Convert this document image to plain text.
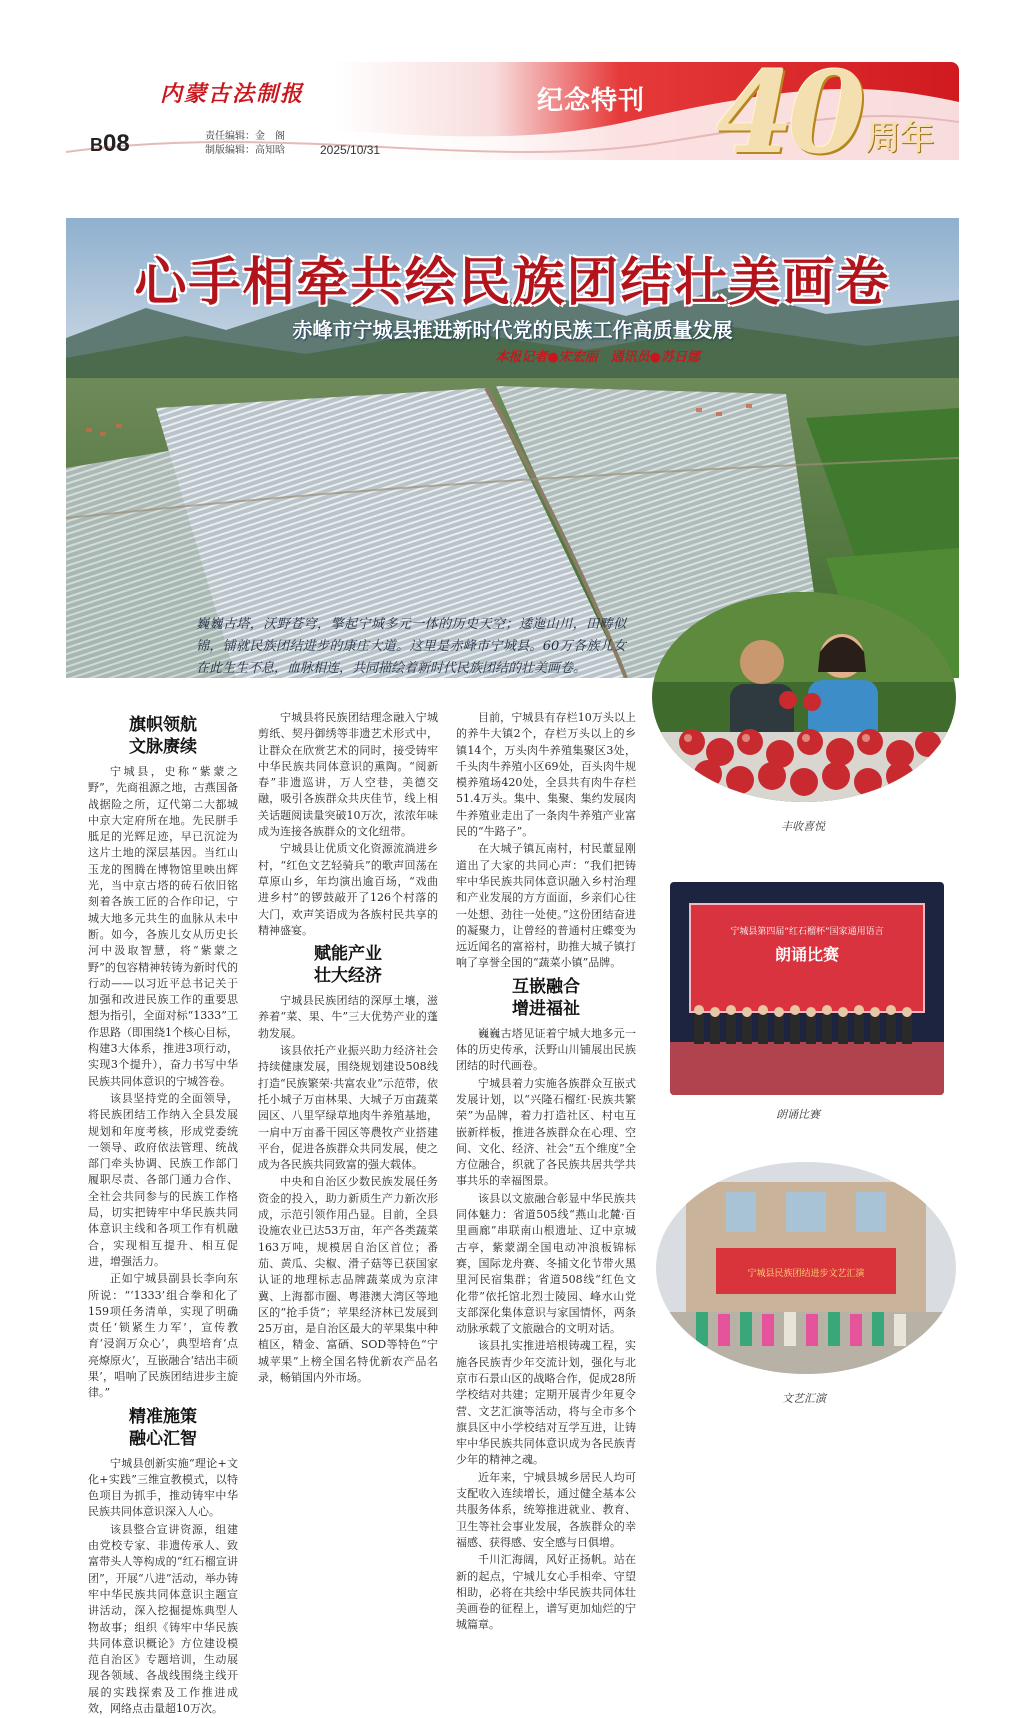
内蒙古法制报	纪念特刊 40 周年
B08	责任编辑：金　阁
制版编辑：高知晗	2025/10/31
心手相牵共绘民族团结壮美画卷
赤峰市宁城县推进新时代党的民族工作高质量发展
本报记者●宋宏丽　通讯员●苏日娜
巍巍古塔，沃野苍穹，擎起宁城多元一体的历史天空；逶迤山川，田畴似锦，铺就民族团结进步的康庄大道。这里是赤峰市宁城县。60万各族儿女在此生生不息，血脉相连，共同描绘着新时代民族团结的壮美画卷。
旗帜领航
文脉赓续

宁城县，史称“紫蒙之野”，先商祖源之地，古燕国备战据险之所，辽代第二大都城中京大定府所在地。先民胼手胝足的光辉足迹，早已沉淀为这片土地的深层基因。当红山玉龙的图腾在博物馆里映出辉光，当中京古塔的砖石依旧铭刻着各族工匠的合作印记，宁城大地多元共生的血脉从未中断。如今，各族儿女从历史长河中汲取智慧，将“紫蒙之野”的包容精神转铸为新时代的行动——以习近平总书记关于加强和改进民族工作的重要思想为指引，全面对标“1333”工作思路（即围绕1个核心目标，构建3大体系，推进3项行动，实现3个提升），奋力书写中华民族共同体意识的宁城答卷。

该县坚持党的全面领导，将民族团结工作纳入全县发展规划和年度考核，形成党委统一领导、政府依法管理、统战部门牵头协调、民族工作部门履职尽责、各部门通力合作、全社会共同参与的民族工作格局，切实把铸牢中华民族共同体意识主线和各项工作有机融合，实现相互提升、相互促进，增强活力。

正如宁城县副县长李向东所说：“‘1333’组合拳和化了159项任务清单，实现了明确责任‘锁紧生力军’，宣传教育‘浸润万众心’，典型培育‘点亮燎原火’，互嵌融合‘结出丰硕果’，唱响了民族团结进步主旋律。”

精准施策
融心汇智

宁城县创新实施“理论+文化+实践”三维宣教模式，以特色项目为抓手，推动铸牢中华民族共同体意识深入人心。

该县整合宣讲资源，组建由党校专家、非遗传承人、致富带头人等构成的“红石榴宣讲团”，开展“八进”活动，举办铸牢中华民族共同体意识主题宣讲活动，深入挖掘提炼典型人物故事；组织《铸牢中华民族共同体意识概论》方位建设模范自治区》专题培训，生动展现各领域、各战线围绕主线开展的实践探索及工作推进成效，网络点击量超10万次。

宁城县将民族团结理念融入宁城剪纸、契丹御绣等非遗艺术形式中，让群众在欣赏艺术的同时，接受铸牢中华民族共同体意识的熏陶。“阅新春”非遗巡讲，万人空巷，美德交融，吸引各族群众共庆佳节，线上相关话题阅读量突破10万次，浓浓年味成为连接各族群众的文化纽带。

宁城县让优质文化资源流淌进乡村，“红色文艺轻骑兵”的歌声回荡在草原山乡，年均演出逾百场，“戏曲进乡村”的锣鼓敲开了126个村落的大门，欢声笑语成为各族村民共享的精神盛宴。

赋能产业
壮大经济

宁城县民族团结的深厚土壤，滋养着“菜、果、牛”三大优势产业的蓬勃发展。

该县依托产业振兴助力经济社会持续健康发展，围绕规划建设508线打造“民族繁荣·共富农业”示范带，依托小城子万亩林果、大城子万亩蔬菜园区、八里罕绿草地肉牛养殖基地，一肩中万亩番干园区等農牧产业搭建平台，促进各族群众共同发展，使之成为各民族共同致富的强大载体。

中央和自治区少数民族发展任务资金的投入，助力新质生产力新次形成，示范引领作用凸显。目前，全县设施农业已达53万亩，年产各类蔬菜163万吨，规模居自治区首位；番茄、黄瓜、尖椒、滑子菇等已获国家认证的地理标志品牌蔬菜成为京津冀、上海都市圈、粤港澳大湾区等地区的“抢手货”；苹果经济林已发展到25万亩，是自治区最大的苹果集中种植区，精金、富硒、SOD等特色“宁城苹果”上榜全国名特优新农产品名录，畅销国内外市场。

目前，宁城县有存栏10万头以上的养牛大镇2个，存栏万头以上的乡镇14个，万头肉牛养殖集聚区3处，千头肉牛养殖小区69处，百头肉牛规模养殖场420处，全县共有肉牛存栏51.4万头。集中、集聚、集约发展肉牛养殖业走出了一条肉牛养殖产业富民的“牛路子”。

在大城子镇瓦南村，村民董显刚道出了大家的共同心声：“我们把铸牢中华民族共同体意识融入乡村治理和产业发展的方方面面，乡亲们心往一处想、劲往一处使。”这份团结奋进的凝聚力，让曾经的普通村庄蝶变为远近闻名的富裕村，助推大城子镇打响了享誉全国的“蔬菜小镇”品牌。

互嵌融合
增进福祉

巍巍古塔见证着宁城大地多元一体的历史传承，沃野山川铺展出民族团结的时代画卷。

宁城县着力实施各族群众互嵌式发展计划，以“兴隆石榴红·民族共繁荣”为品牌，着力打造社区、村屯互嵌新样板，推进各族群众在心理、空间、文化、经济、社会“五个维度”全方位融合，织就了各民族共居共学共事共乐的幸福图景。

该县以文旅融合彰显中华民族共同体魅力：省道505线“燕山北麓·百里画廊”串联南山根遗址、辽中京城古亭，紫蒙湖全国电动冲浪板锦标赛，国际龙舟赛、冬捕文化节带火黑里河民宿集群；省道508线“红色文化带”依托馆北烈士陵园、峰水山党支部深化集体意识与家国情怀，两条动脉承载了文旅融合的文明对话。

该县扎实推进培根铸魂工程，实施各民族青少年交流计划，强化与北京市石景山区的战略合作，促成28所学校结对共建；定期开展青少年夏令营、文艺汇演等活动，将与全市多个旗县区中小学校结对互学互进，让铸牢中华民族共同体意识成为各民族青少年的精神之魂。

近年来，宁城县城乡居民人均可支配收入连续增长，通过健全基本公共服务体系，统筹推进就业、教育、卫生等社会事业发展，各族群众的幸福感、获得感、安全感与日俱增。

千川汇海阔，风好正扬帆。站在新的起点，宁城儿女心手相牵、守望相助，必将在共绘中华民族共同体壮美画卷的征程上，谱写更加灿烂的宁城篇章。

丰收喜悦
宁城县第四届“红石榴杯”国家通用语言
朗诵比赛
朗诵比赛
宁城县民族团结进步文艺汇演
文艺汇演
